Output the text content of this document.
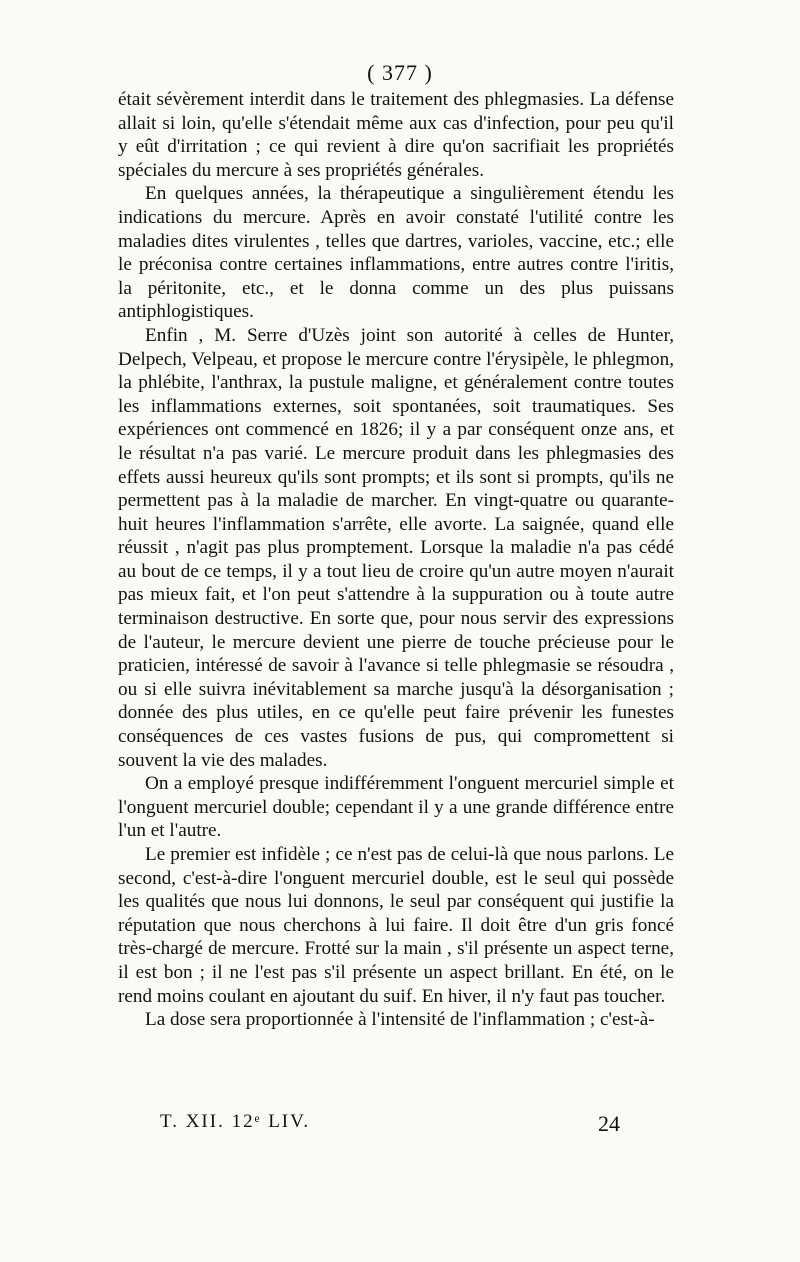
( 377 )

était sévèrement interdit dans le traitement des phlegmasies. La défense allait si loin, qu'elle s'étendait même aux cas d'infection, pour peu qu'il y eût d'irritation ; ce qui revient à dire qu'on sacrifiait les propriétés spéciales du mercure à ses propriétés générales.

En quelques années, la thérapeutique a singulièrement étendu les indications du mercure. Après en avoir constaté l'utilité contre les maladies dites virulentes , telles que dartres, varioles, vaccine, etc.; elle le préconisa contre certaines inflammations, entre autres contre l'iritis, la péritonite, etc., et le donna comme un des plus puissans antiphlogistiques.

Enfin , M. Serre d'Uzès joint son autorité à celles de Hunter, Delpech, Velpeau, et propose le mercure contre l'érysipèle, le phlegmon, la phlébite, l'anthrax, la pustule maligne, et généralement contre toutes les inflammations externes, soit spontanées, soit traumatiques. Ses expériences ont commencé en 1826; il y a par conséquent onze ans, et le résultat n'a pas varié. Le mercure produit dans les phlegmasies des effets aussi heureux qu'ils sont prompts; et ils sont si prompts, qu'ils ne permettent pas à la maladie de marcher. En vingt-quatre ou quarante-huit heures l'inflammation s'arrête, elle avorte. La saignée, quand elle réussit , n'agit pas plus promptement. Lorsque la maladie n'a pas cédé au bout de ce temps, il y a tout lieu de croire qu'un autre moyen n'aurait pas mieux fait, et l'on peut s'attendre à la suppuration ou à toute autre terminaison destructive. En sorte que, pour nous servir des expressions de l'auteur, le mercure devient une pierre de touche précieuse pour le praticien, intéressé de savoir à l'avance si telle phlegmasie se résoudra , ou si elle suivra inévitablement sa marche jusqu'à la désorganisation ; donnée des plus utiles, en ce qu'elle peut faire prévenir les funestes conséquences de ces vastes fusions de pus, qui compromettent si souvent la vie des malades.

On a employé presque indifféremment l'onguent mercuriel simple et l'onguent mercuriel double; cependant il y a une grande différence entre l'un et l'autre.

Le premier est infidèle ; ce n'est pas de celui-là que nous parlons. Le second, c'est-à-dire l'onguent mercuriel double, est le seul qui possède les qualités que nous lui donnons, le seul par conséquent qui justifie la réputation que nous cherchons à lui faire. Il doit être d'un gris foncé très-chargé de mercure. Frotté sur la main , s'il présente un aspect terne, il est bon ; il ne l'est pas s'il présente un aspect brillant. En été, on le rend moins coulant en ajoutant du suif. En hiver, il n'y faut pas toucher.

La dose sera proportionnée à l'intensité de l'inflammation ; c'est-à-

T. XII. 12ᵉ LIV.	24
